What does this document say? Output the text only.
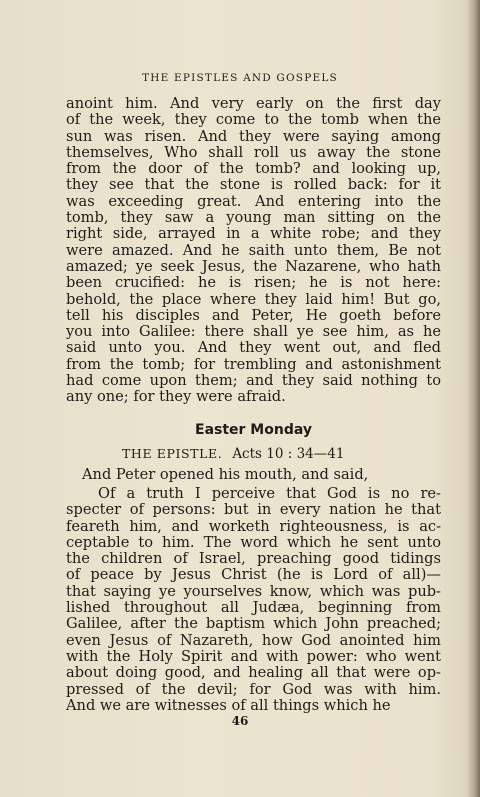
THE EPISTLES AND GOSPELS
anoint him. And very early on the first day
of the week, they come to the tomb when the
sun was risen. And they were saying among
themselves, Who shall roll us away the stone
from the door of the tomb? and looking up,
they see that the stone is rolled back: for it
was exceeding great. And entering into the
tomb, they saw a young man sitting on the
right side, arrayed in a white robe; and they
were amazed. And he saith unto them, Be not
amazed; ye seek Jesus, the Nazarene, who hath
been crucified: he is risen; he is not here:
behold, the place where they laid him! But go,
tell his disciples and Peter, He goeth before
you into Galilee: there shall ye see him, as he
said unto you. And they went out, and fled
from the tomb; for trembling and astonishment
had come upon them; and they said nothing to
any one; for they were afraid.
Easter Monday
THE EPISTLE. Acts 10 : 34—41
And Peter opened his mouth, and said,
Of a truth I perceive that God is no re-
specter of persons: but in every nation he that
feareth him, and worketh righteousness, is ac-
ceptable to him. The word which he sent unto
the children of Israel, preaching good tidings
of peace by Jesus Christ (he is Lord of all)—
that saying ye yourselves know, which was pub-
lished throughout all Judæa, beginning from
Galilee, after the baptism which John preached;
even Jesus of Nazareth, how God anointed him
with the Holy Spirit and with power: who went
about doing good, and healing all that were op-
pressed of the devil; for God was with him.
And we are witnesses of all things which he
46
